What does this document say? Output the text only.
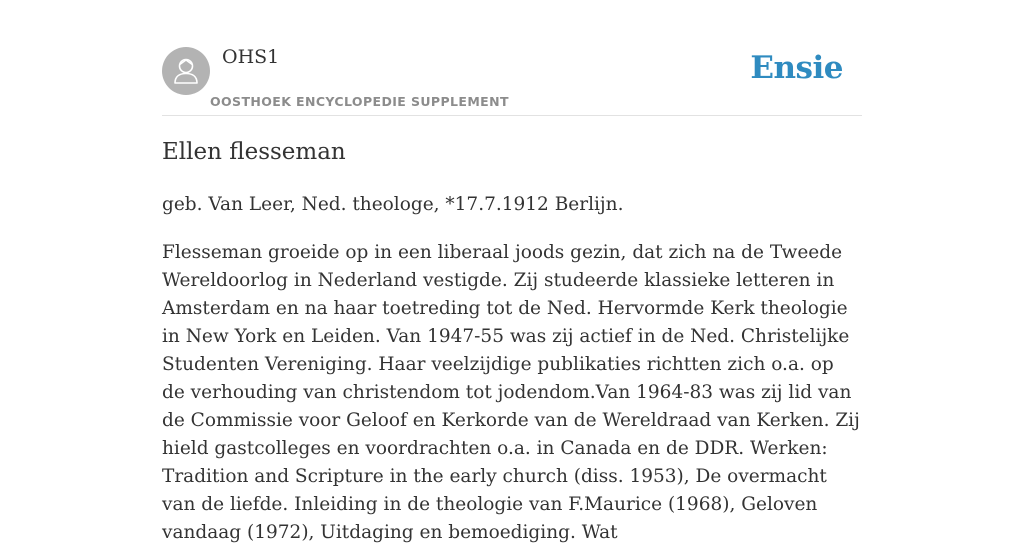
OHS1
OOSTHOEK ENCYCLOPEDIE SUPPLEMENT
Ensie
Ellen flesseman

geb. Van Leer, Ned. theologe, *17.7.1912 Berlijn.

Flesseman groeide op in een liberaal joods gezin, dat zich na de Tweede Wereldoorlog in Nederland vestigde. Zij studeerde klassieke letteren in Amsterdam en na haar toetreding tot de Ned. Hervormde Kerk theologie in New York en Leiden. Van 1947-55 was zij actief in de Ned. Christelijke Studenten Vereniging. Haar veelzijdige publikaties richtten zich o.a. op de verhouding van christendom tot jodendom.Van 1964-83 was zij lid van de Commissie voor Geloof en Kerkorde van de Wereldraad van Kerken. Zij hield gastcolleges en voordrachten o.a. in Canada en de DDR. Werken: Tradition and Scripture in the early church (diss. 1953), De overmacht van de liefde. Inleiding in de theologie van F.Maurice (1968), Geloven vandaag (1972), Uitdaging en bemoediging. Wat
